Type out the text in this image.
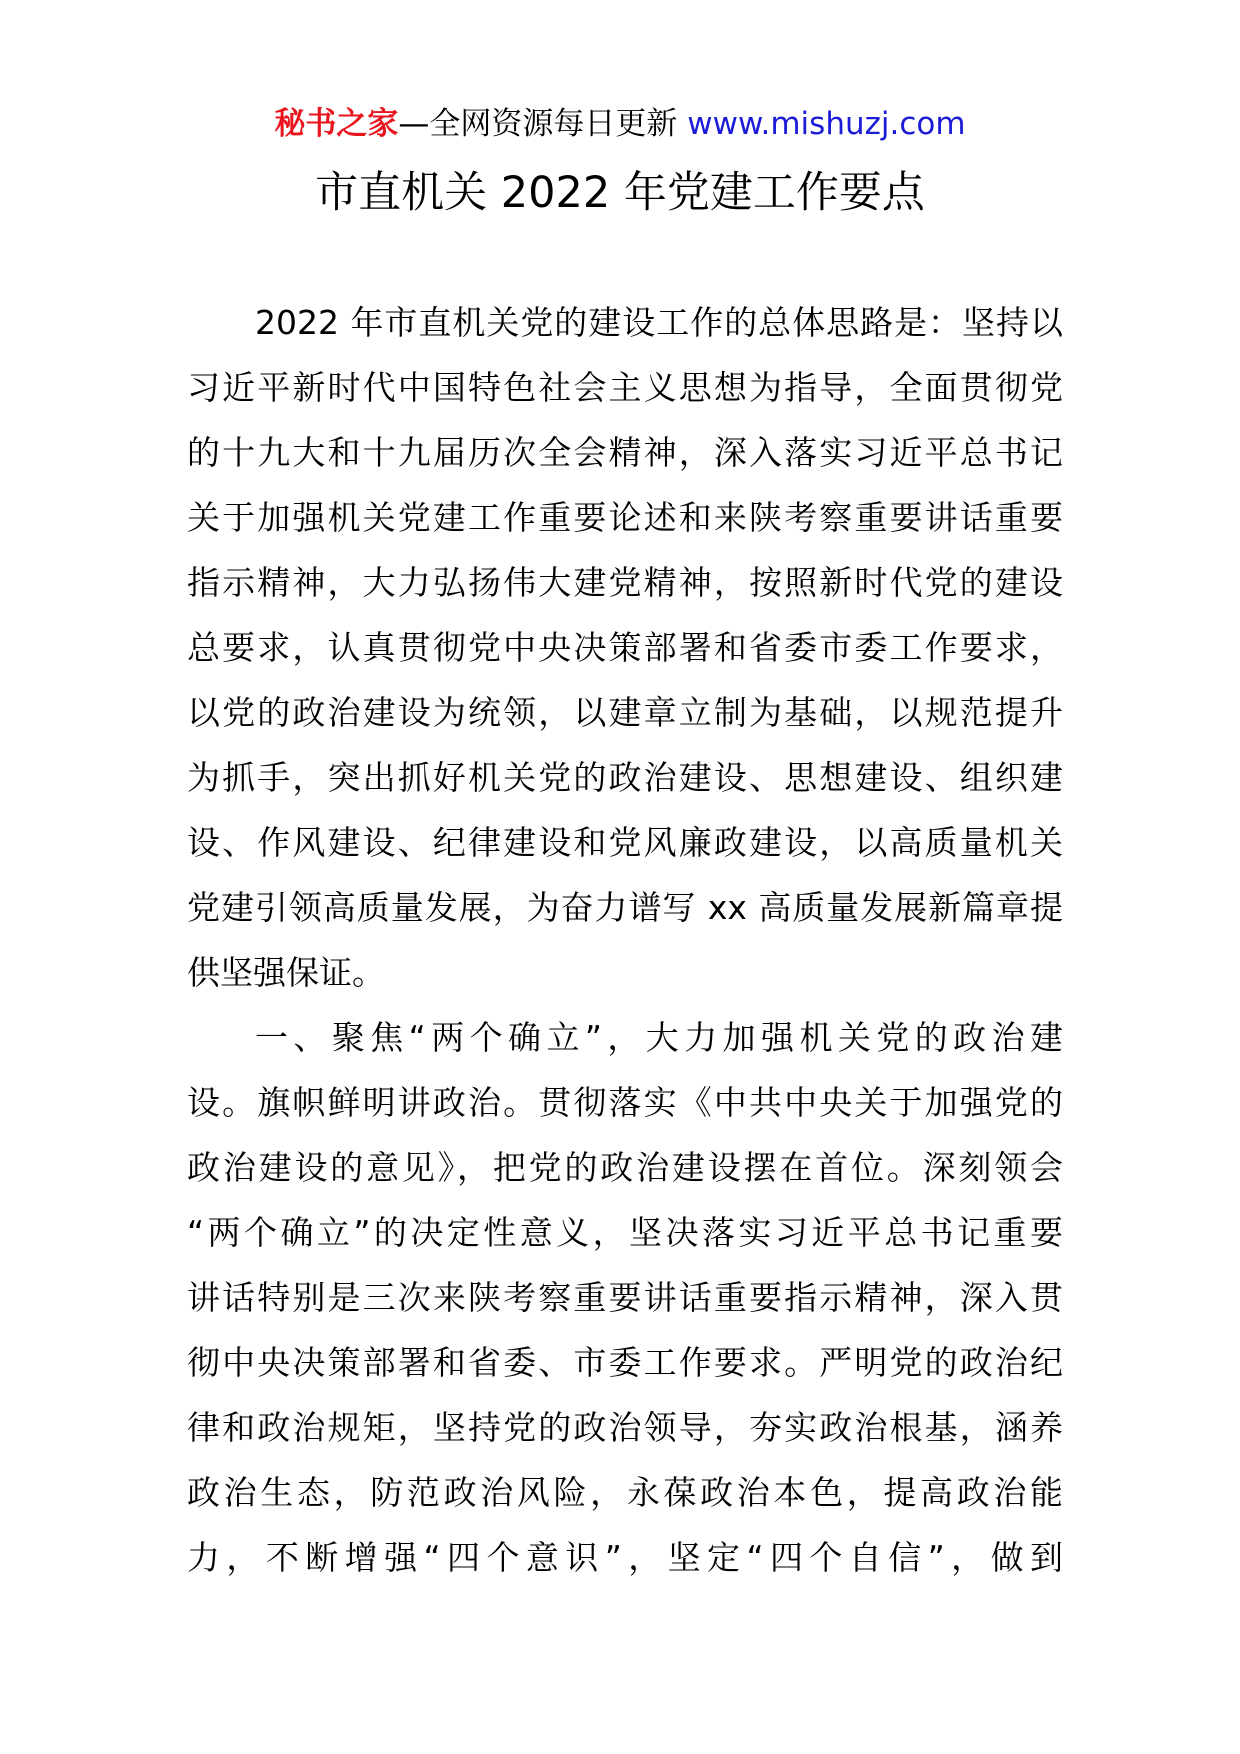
秘书之家—全网资源每日更新 www.mishuzj.com
市直机关 2022 年党建工作要点
2022 年市直机关党的建设工作的总体思路是：坚持以
习近平新时代中国特色社会主义思想为指导，全面贯彻党
的十九大和十九届历次全会精神，深入落实习近平总书记
关于加强机关党建工作重要论述和来陕考察重要讲话重要
指示精神，大力弘扬伟大建党精神，按照新时代党的建设
总要求，认真贯彻党中央决策部署和省委市委工作要求，
以党的政治建设为统领，以建章立制为基础，以规范提升
为抓手，突出抓好机关党的政治建设、思想建设、组织建
设、作风建设、纪律建设和党风廉政建设，以高质量机关
党建引领高质量发展，为奋力谱写 xx 高质量发展新篇章提
供坚强保证。
一、聚焦“两个确立”，大力加强机关党的政治建
设。旗帜鲜明讲政治。贯彻落实《中共中央关于加强党的
政治建设的意见》，把党的政治建设摆在首位。深刻领会
“两个确立”的决定性意义，坚决落实习近平总书记重要
讲话特别是三次来陕考察重要讲话重要指示精神，深入贯
彻中央决策部署和省委、市委工作要求。严明党的政治纪
律和政治规矩，坚持党的政治领导，夯实政治根基，涵养
政治生态，防范政治风险，永葆政治本色，提高政治能
力，不断增强“四个意识”，坚定“四个自信”，做到
